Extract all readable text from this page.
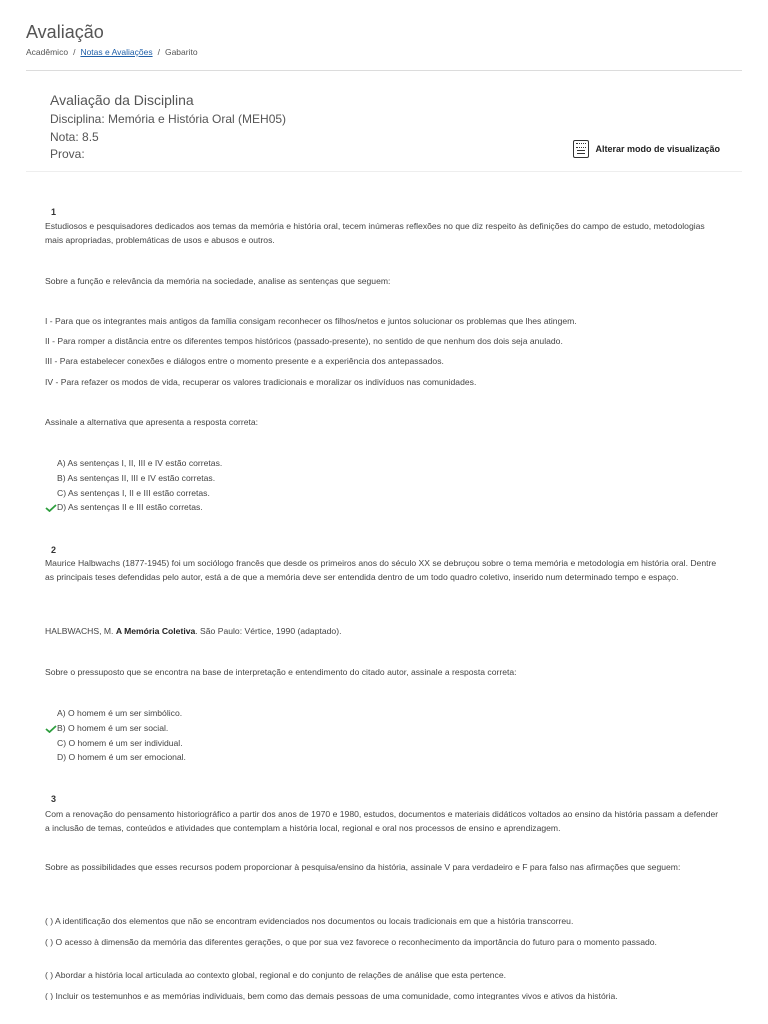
Avaliação
Acadêmico / Notas e Avaliações / Gabarito
Avaliação da Disciplina
Disciplina: Memória e História Oral (MEH05)
Nota: 8.5
Prova:	Alterar modo de visualização
1
Estudiosos e pesquisadores dedicados aos temas da memória e história oral, tecem inúmeras reflexões no que diz respeito às definições do campo de estudo, metodologias mais apropriadas, problemáticas de usos e abusos e outros.
Sobre a função e relevância da memória na sociedade, analise as sentenças que seguem:
I - Para que os integrantes mais antigos da família consigam reconhecer os filhos/netos e juntos solucionar os problemas que lhes atingem.
II - Para romper a distância entre os diferentes tempos históricos (passado-presente), no sentido de que nenhum dos dois seja anulado.
III - Para estabelecer conexões e diálogos entre o momento presente e a experiência dos antepassados.
IV - Para refazer os modos de vida, recuperar os valores tradicionais e moralizar os indivíduos nas comunidades.
Assinale a alternativa que apresenta a resposta correta:
A) As sentenças I, II, III e IV estão corretas.
B) As sentenças II, III e IV estão corretas.
C) As sentenças I, II e III estão corretas.
D) As sentenças II e III estão corretas.
2
Maurice Halbwachs (1877-1945) foi um sociólogo francês que desde os primeiros anos do século XX se debruçou sobre o tema memória e metodologia em história oral. Dentre as principais teses defendidas pelo autor, está a de que a memória deve ser entendida dentro de um todo quadro coletivo, inserido num determinado tempo e espaço.
HALBWACHS, M. A Memória Coletiva. São Paulo: Vértice, 1990 (adaptado).
Sobre o pressuposto que se encontra na base de interpretação e entendimento do citado autor, assinale a resposta correta:
A) O homem é um ser simbólico.
B) O homem é um ser social.
C) O homem é um ser individual.
D) O homem é um ser emocional.
3
Com a renovação do pensamento historiográfico a partir dos anos de 1970 e 1980, estudos, documentos e materiais didáticos voltados ao ensino da história passam a defender a inclusão de temas, conteúdos e atividades que contemplam a história local, regional e oral nos processos de ensino e aprendizagem.
Sobre as possibilidades que esses recursos podem proporcionar à pesquisa/ensino da história, assinale V para verdadeiro e F para falso nas afirmações que seguem:
( ) A identificação dos elementos que não se encontram evidenciados nos documentos ou locais tradicionais em que a história transcorreu.
( ) O acesso à dimensão da memória das diferentes gerações, o que por sua vez favorece o reconhecimento da importância do futuro para o momento passado.
( ) Abordar a história local articulada ao contexto global, regional e do conjunto de relações de análise que esta pertence.
( ) Incluir os testemunhos e as memórias individuais, bem como das demais pessoas de uma comunidade, como integrantes vivos e ativos da história.
